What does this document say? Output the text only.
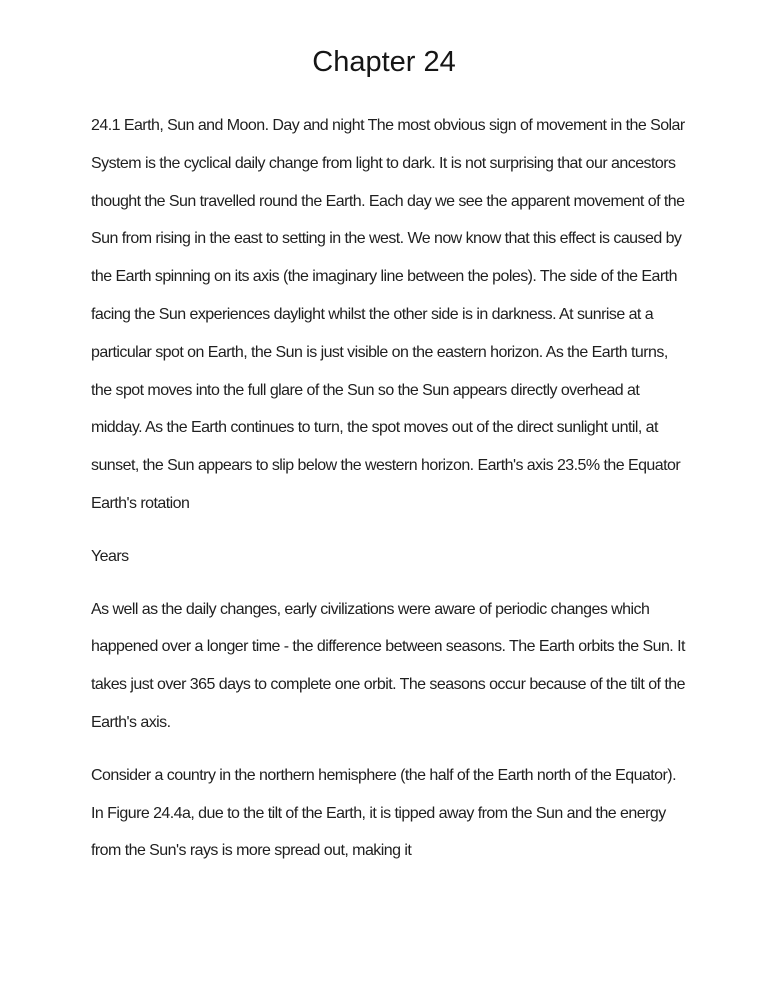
Chapter 24

24.1 Earth, Sun and Moon. Day and night The most obvious sign of movement in the Solar System is the cyclical daily change from light to dark. It is not surprising that our ancestors thought the Sun travelled round the Earth. Each day we see the apparent movement of the Sun from rising in the east to setting in the west. We now know that this effect is caused by the Earth spinning on its axis (the imaginary line between the poles). The side of the Earth facing the Sun experiences daylight whilst the other side is in darkness. At sunrise at a particular spot on Earth, the Sun is just visible on the eastern horizon. As the Earth turns, the spot moves into the full glare of the Sun so the Sun appears directly overhead at midday. As the Earth continues to turn, the spot moves out of the direct sunlight until, at sunset, the Sun appears to slip below the western horizon. Earth's axis 23.5% the Equator Earth's rotation

Years

As well as the daily changes, early civilizations were aware of periodic changes which happened over a longer time - the difference between seasons. The Earth orbits the Sun. It takes just over 365 days to complete one orbit. The seasons occur because of the tilt of the Earth's axis.

Consider a country in the northern hemisphere (the half of the Earth north of the Equator). In Figure 24.4a, due to the tilt of the Earth, it is tipped away from the Sun and the energy from the Sun's rays is more spread out, making it
